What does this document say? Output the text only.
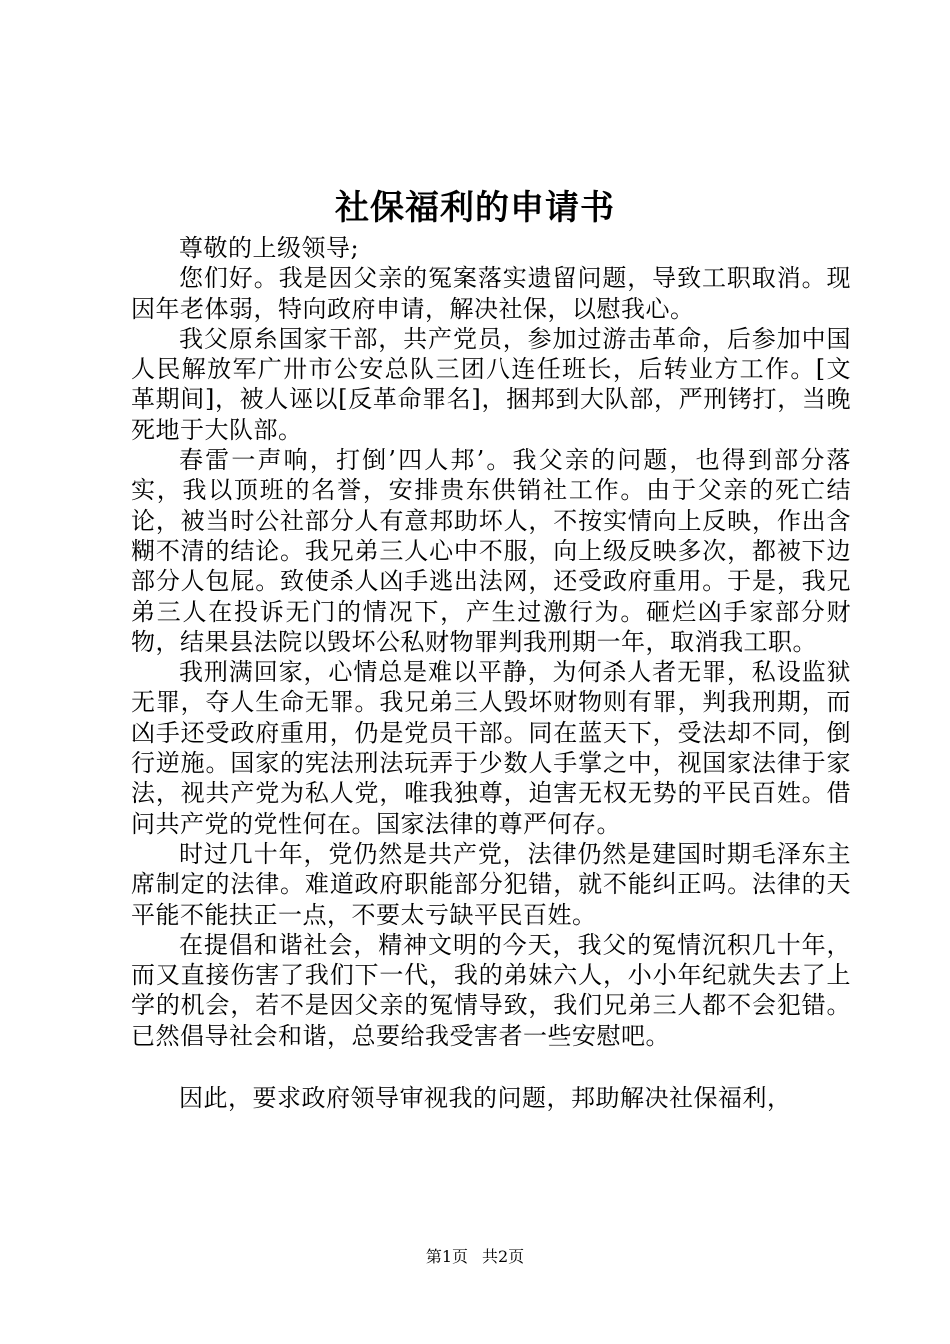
社保福利的申请书

尊敬的上级领导;

您们好。我是因父亲的冤案落实遗留问题，导致工职取消。现因年老体弱，特向政府申请，解决社保，以慰我心。

我父原糸国家干部，共产党员，参加过游击革命，后参加中国人民解放军广卅市公安总队三团八连任班长，后转业方工作。[文革期间]，被人诬以[反革命罪名]，捆邦到大队部，严刑铐打，当晚死地于大队部。

春雷一声响，打倒’四人邦’。我父亲的问题，也得到部分落实，我以顶班的名誉，安排贵东供销社工作。由于父亲的死亡结论，被当时公社部分人有意邦助坏人，不按实情向上反映，作出含糊不清的结论。我兄弟三人心中不服，向上级反映多次，都被下边部分人包屁。致使杀人凶手逃出法网，还受政府重用。于是，我兄弟三人在投诉无门的情况下，产生过激行为。砸烂凶手家部分财物，结果县法院以毁坏公私财物罪判我刑期一年，取消我工职。

我刑满回家，心情总是难以平静，为何杀人者无罪，私设监狱无罪，夺人生命无罪。我兄弟三人毁坏财物则有罪，判我刑期，而凶手还受政府重用，仍是党员干部。同在蓝天下，受法却不同，倒行逆施。国家的宪法刑法玩弄于少数人手掌之中，视国家法律于家法，视共产党为私人党，唯我独尊，迫害无权无势的平民百姓。借问共产党的党性何在。国家法律的尊严何存。

时过几十年，党仍然是共产党，法律仍然是建国时期毛泽东主席制定的法律。难道政府职能部分犯错，就不能纠正吗。法律的天平能不能扶正一点，不要太亏缺平民百姓。

在提倡和谐社会，精神文明的今天，我父的冤情沉积几十年，而又直接伤害了我们下一代，我的弟妹六人，小小年纪就失去了上学的机会，若不是因父亲的冤情导致，我们兄弟三人都不会犯错。已然倡导社会和谐，总要给我受害者一些安慰吧。

因此，要求政府领导审视我的问题，邦助解决社保福利，

第1页 共2页
